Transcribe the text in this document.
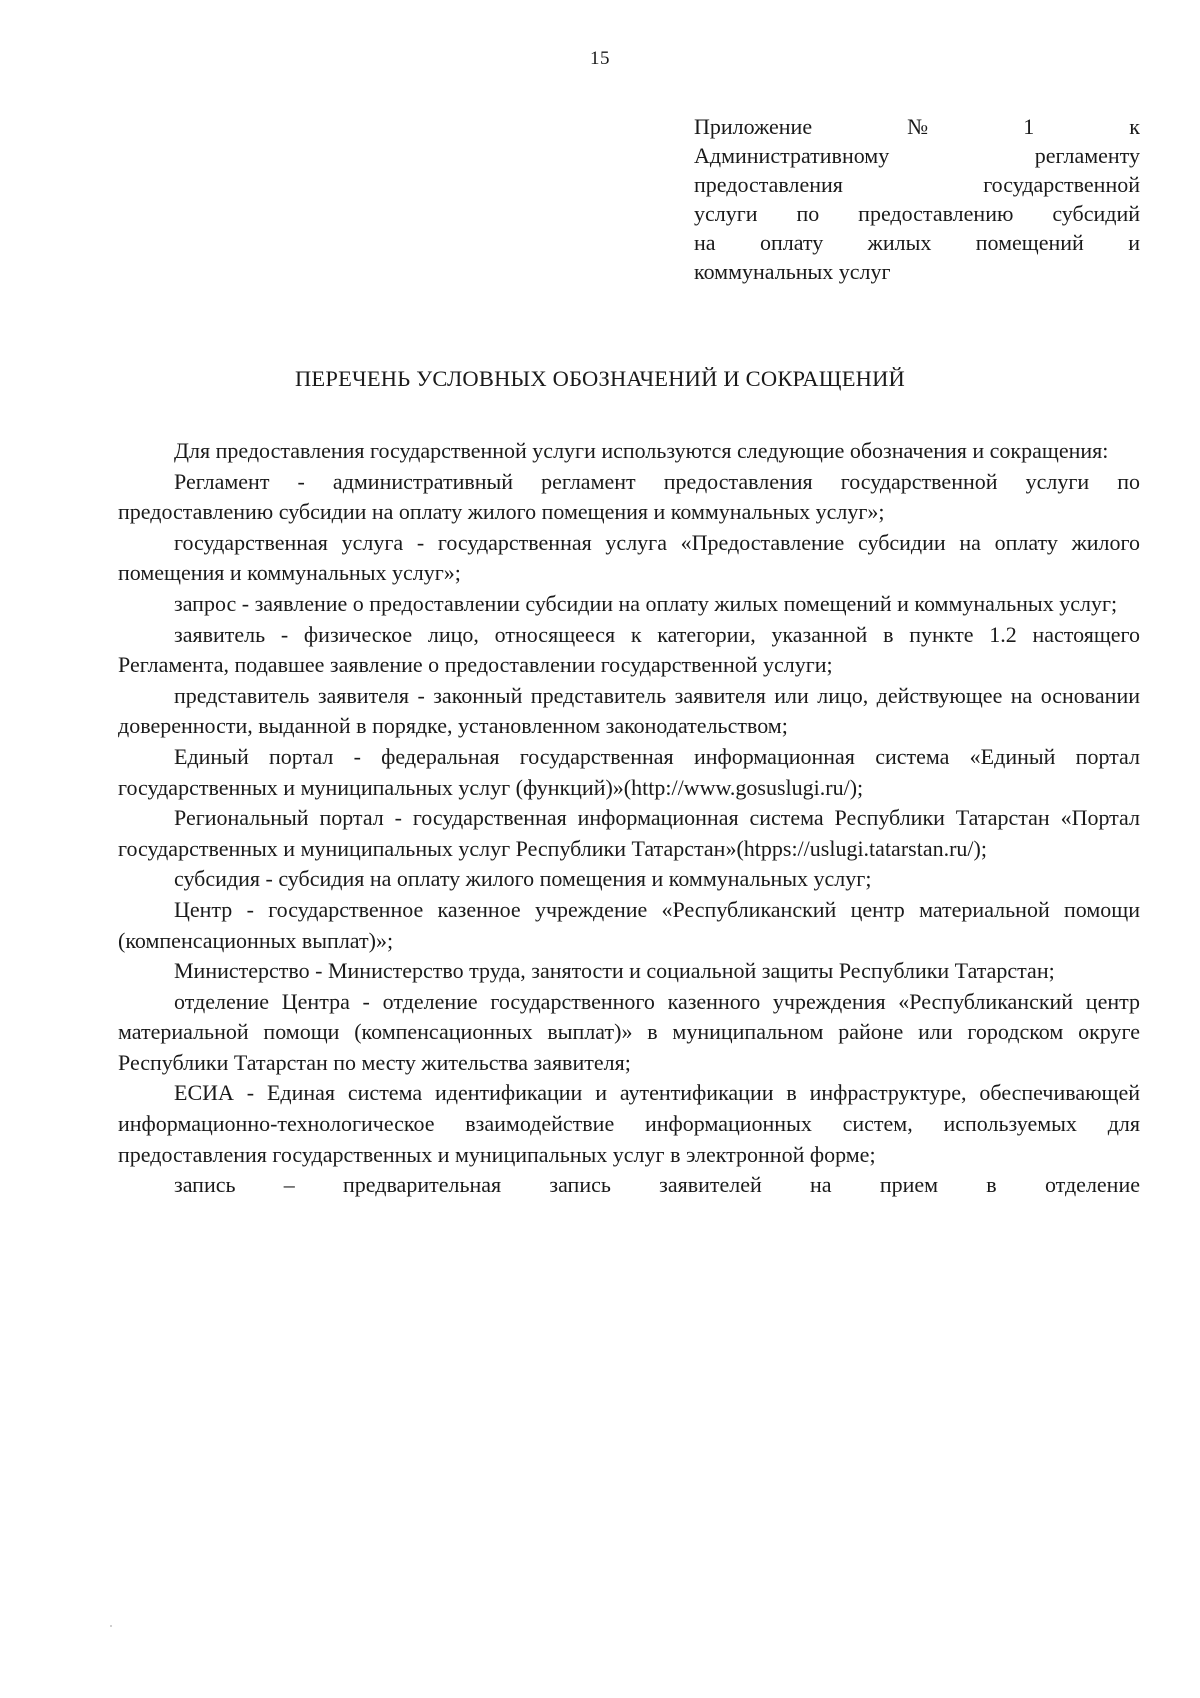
15
Приложение	№	1	к
Административному регламенту
предоставления государственной
услуги по предоставлению субсидий
на оплату жилых помещений и
коммунальных услуг
ПЕРЕЧЕНЬ УСЛОВНЫХ ОБОЗНАЧЕНИЙ И СОКРАЩЕНИЙ

Для предоставления государственной услуги используются следующие обозначения и сокращения:

Регламент - административный регламент предоставления государственной услуги по предоставлению субсидии на оплату жилого помещения и коммунальных услуг»;

государственная услуга - государственная услуга «Предоставление субсидии на оплату жилого помещения и коммунальных услуг»;

запрос - заявление о предоставлении субсидии на оплату жилых помещений и коммунальных услуг;

заявитель - физическое лицо, относящееся к категории, указанной в пункте 1.2 настоящего Регламента, подавшее заявление о предоставлении государственной услуги;

представитель заявителя - законный представитель заявителя или лицо, действующее на основании доверенности, выданной в порядке, установленном законодательством;

Единый портал - федеральная государственная информационная система «Единый портал государственных и муниципальных услуг (функций)»(http://www.gosuslugi.ru/);

Региональный портал - государственная информационная система Республики Татарстан «Портал государственных и муниципальных услуг Республики Татарстан»(htpps://uslugi.tatarstan.ru/);

субсидия - субсидия на оплату жилого помещения и коммунальных услуг;

Центр - государственное казенное учреждение «Республиканский центр материальной помощи (компенсационных выплат)»;

Министерство - Министерство труда, занятости и социальной защиты Республики Татарстан;

отделение Центра - отделение государственного казенного учреждения «Республиканский центр материальной помощи (компенсационных выплат)» в муниципальном районе или городском округе Республики Татарстан по месту жительства заявителя;

ЕСИА - Единая система идентификации и аутентификации в инфраструктуре, обеспечивающей информационно-технологическое взаимодействие информационных систем, используемых для предоставления государственных и муниципальных услуг в электронной форме;

запись – предварительная запись заявителей на прием в отделение
